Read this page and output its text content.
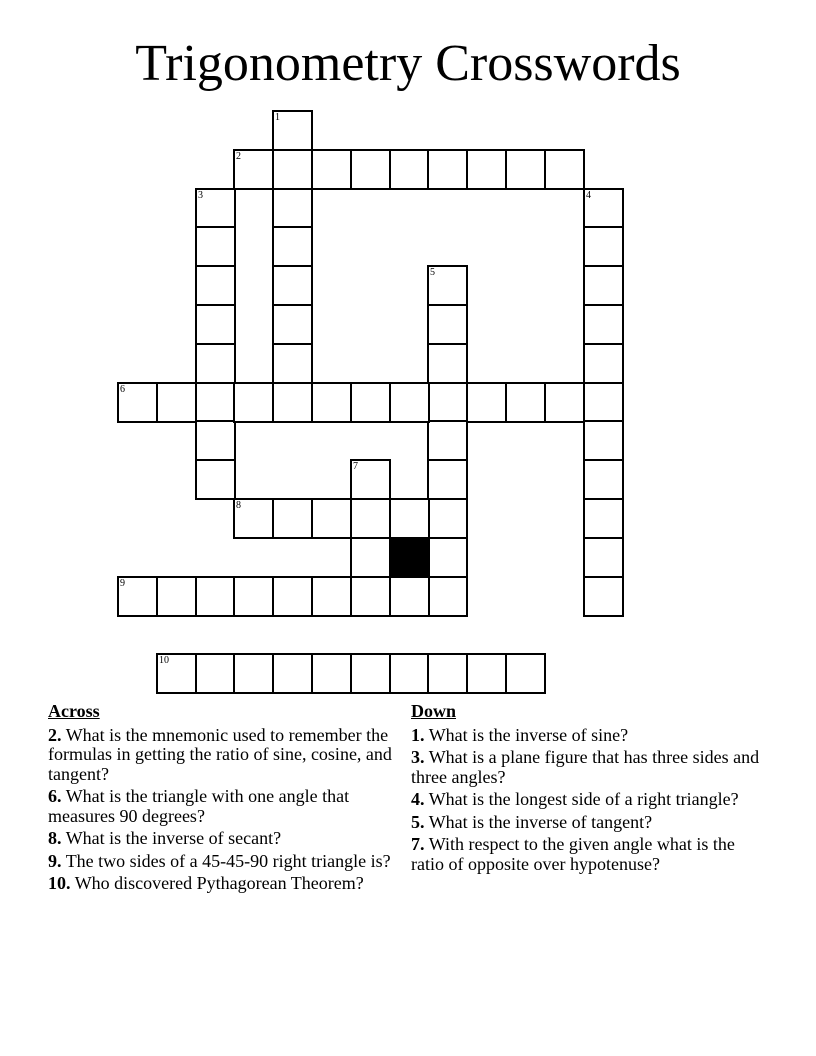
Trigonometry Crosswords
1
2
3	4
5
6
7
8
9
10
Across
2. What is the mnemonic used to remember the formulas in getting the ratio of sine, cosine, and tangent?
6. What is the triangle with one angle that measures 90 degrees?
8. What is the inverse of secant?
9. The two sides of a 45-45-90 right triangle is?
10. Who discovered Pythagorean Theorem?
Down
1. What is the inverse of sine?
3. What is a plane figure that has three sides and three angles?
4. What is the longest side of a right triangle?
5. What is the inverse of tangent?
7. With respect to the given angle what is the ratio of opposite over hypotenuse?
